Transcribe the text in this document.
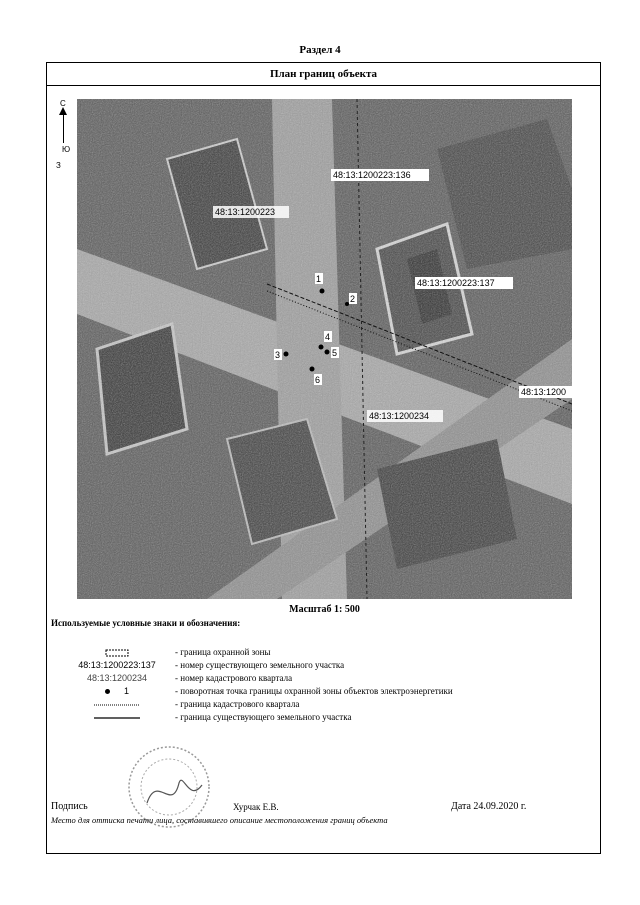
Раздел 4
План границ объекта
С
Ю
З
1
2
3
4
5
6
48:13:1200223:136
48:13:1200223
48:13:1200223:137
48:13:1200
48:13:1200234
Масштаб 1: 500
Используемые условные знаки и обозначения:
- граница охранной зоны
48:13:1200223:137	- номер существующего земельного участка
48:13:1200234	- номер кадастрового квартала
1	- поворотная точка границы охранной зоны объектов электроэнергетики
- граница кадастрового квартала
- граница существующего земельного участка
Подпись	Хурчак Е.В.	Дата 24.09.2020 г.
Место для оттиска печати лица, составившего описание местоположения границ объекта
